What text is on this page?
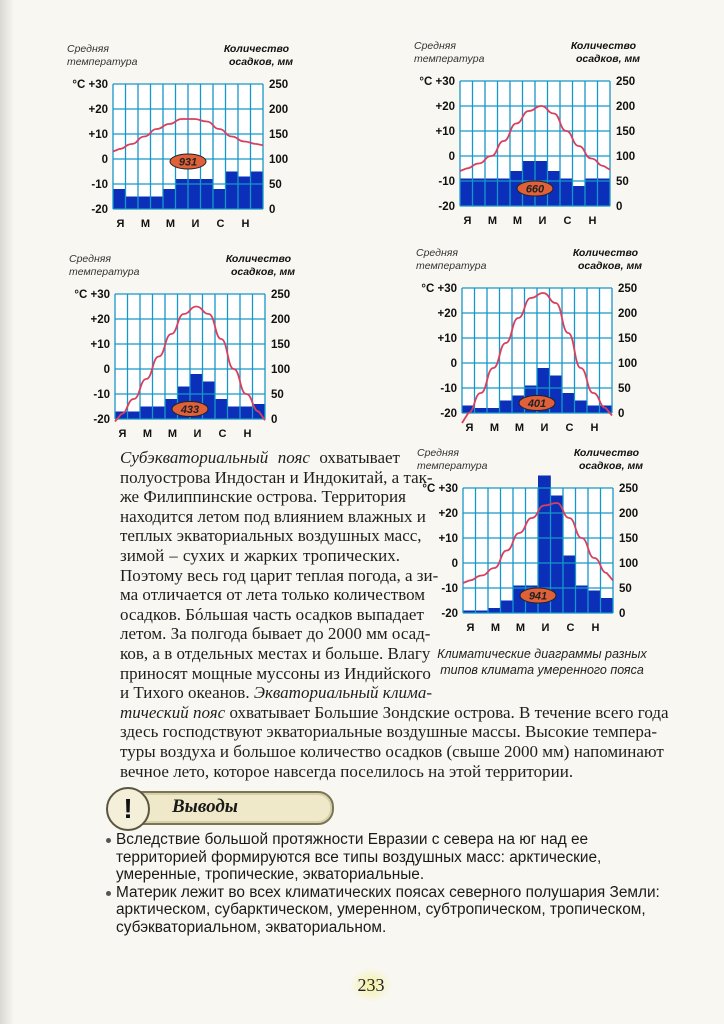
Средняя
температура
Количество
осадков, мм
°C +30
+20
+10
0
-10
-20
250
200
150
100
50
0
Я М М И С Н
931
Средняя
температура
Количество
осадков, мм
°C +30
+20
+10
0
-10
-20
250
200
150
100
50
0
Я М М И С Н
660
Средняя
температура
Количество
осадков, мм
°C +30
+20
+10
0
-10
-20
250
200
150
100
50
0
Я М М И С Н
433
Средняя
температура
Количество
осадков, мм
°C +30
+20
+10
0
-10
-20
250
200
150
100
50
0
Я М М И С Н
401
Средняя
температура
Количество
осадков, мм
°C +30
+20
+10
0
-10
-20
250
200
150
100
50
0
Я М М И С Н
941
Климатические диаграммы разных
типов климата умеренного пояса
Субэкваториальный пояс охватывает
полуострова Индостан и Индокитай, а так-
же Филиппинские острова. Территория
находится летом под влиянием влажных и
теплых экваториальных воздушных масс,
зимой – сухих и жарких тропических.
Поэтому весь год царит теплая погода, а зи-
ма отличается от лета только количеством
осадков. Бóльшая часть осадков выпадает
летом. За полгода бывает до 2000 мм осад-
ков, а в отдельных местах и больше. Влагу
приносят мощные муссоны из Индийского
и Тихого океанов. Экваториальный клима-
тический пояс охватывает Большие Зондские острова. В течение всего года
здесь господствуют экваториальные воздушные массы. Высокие темпера-
туры воздуха и большое количество осадков (свыше 2000 мм) напоминают
вечное лето, которое навсегда поселилось на этой территории.
!	Выводы
Вследствие большой протяжности Евразии с севера на юг над ее территорией формируются все типы воздушных масс: арктические, умеренные, тропические, экваториальные.
Материк лежит во всех климатических поясах северного полушария Земли: арктическом, субарктическом, умеренном, субтропическом, тропическом, субэкваториальном, экваториальном.
233
